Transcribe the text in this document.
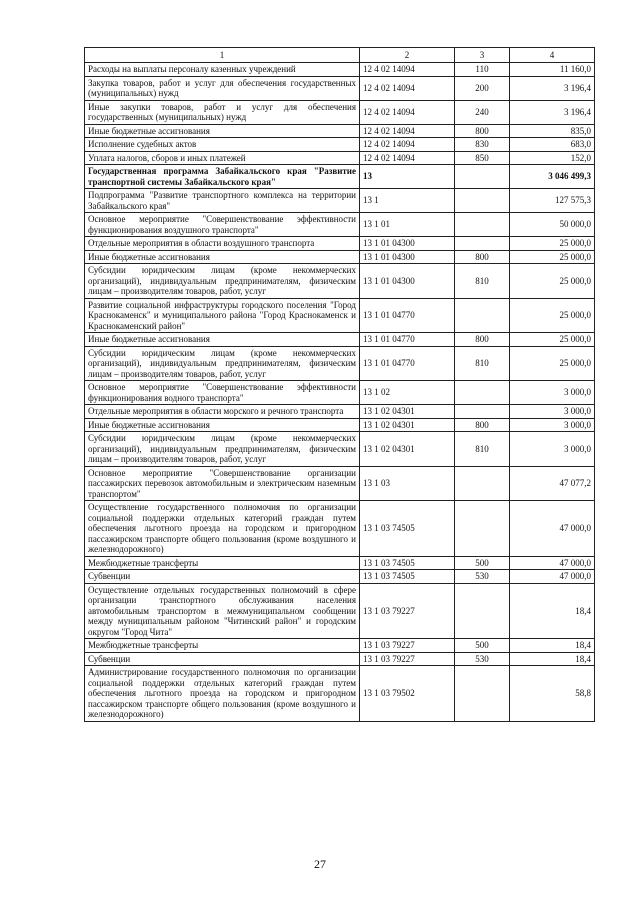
1	2	3	4
Расходы на выплаты персоналу казенных учреждений	12 4 02 14094	110	11 160,0
Закупка товаров, работ и услуг для обеспечения государственных (муниципальных) нужд	12 4 02 14094	200	3 196,4
Иные закупки товаров, работ и услуг для обеспечения государственных (муниципальных) нужд	12 4 02 14094	240	3 196,4
Иные бюджетные ассигнования	12 4 02 14094	800	835,0
Исполнение судебных актов	12 4 02 14094	830	683,0
Уплата налогов, сборов и иных платежей	12 4 02 14094	850	152,0
Государственная программа Забайкальского края "Развитие транспортной системы Забайкальского края"	13		3 046 499,3
Подпрограмма "Развитие транспортного комплекса на территории Забайкальского края"	13 1		127 575,3
Основное мероприятие "Совершенствование эффективности функционирования воздушного транспорта"	13 1 01		50 000,0
Отдельные мероприятия в области воздушного транспорта	13 1 01 04300		25 000,0
Иные бюджетные ассигнования	13 1 01 04300	800	25 000,0
Субсидии юридическим лицам (кроме некоммерческих организаций), индивидуальным предпринимателям, физическим лицам – производителям товаров, работ, услуг	13 1 01 04300	810	25 000,0
Развитие социальной инфраструктуры городского поселения "Город Краснокаменск" и муниципального района "Город Краснокаменск и Краснокаменский район"	13 1 01 04770		25 000,0
Иные бюджетные ассигнования	13 1 01 04770	800	25 000,0
Субсидии юридическим лицам (кроме некоммерческих организаций), индивидуальным предпринимателям, физическим лицам – производителям товаров, работ, услуг	13 1 01 04770	810	25 000,0
Основное мероприятие "Совершенствование эффективности функционирования водного транспорта"	13 1 02		3 000,0
Отдельные мероприятия в области морского и речного транспорта	13 1 02 04301		3 000,0
Иные бюджетные ассигнования	13 1 02 04301	800	3 000,0
Субсидии юридическим лицам (кроме некоммерческих организаций), индивидуальным предпринимателям, физическим лицам – производителям товаров, работ, услуг	13 1 02 04301	810	3 000,0
Основное мероприятие "Совершенствование организации пассажирских перевозок автомобильным и электрическим наземным транспортом"	13 1 03		47 077,2
Осуществление государственного полномочия по организации социальной поддержки отдельных категорий граждан путем обеспечения льготного проезда на городском и пригородном пассажирском транспорте общего пользования (кроме воздушного и железнодорожного)	13 1 03 74505		47 000,0
Межбюджетные трансферты	13 1 03 74505	500	47 000,0
Субвенции	13 1 03 74505	530	47 000,0
Осуществление отдельных государственных полномочий в сфере организации транспортного обслуживания населения автомобильным транспортом в межмуниципальном сообщении между муниципальным районом "Читинский район" и городским округом "Город Чита"	13 1 03 79227		18,4
Межбюджетные трансферты	13 1 03 79227	500	18,4
Субвенции	13 1 03 79227	530	18,4
Администрирование государственного полномочия по организации социальной поддержки отдельных категорий граждан путем обеспечения льготного проезда на городском и пригородном пассажирском транспорте общего пользования (кроме воздушного и железнодорожного)	13 1 03 79502		58,8
27
